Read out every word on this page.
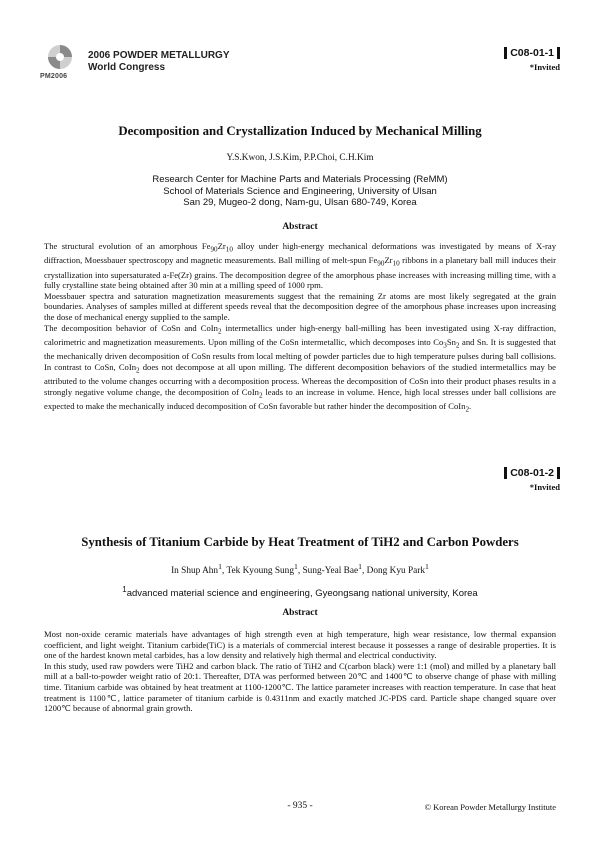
PM2006
2006 POWDER METALLURGY
World Congress
C08-01-1
*Invited
Decomposition and Crystallization Induced by Mechanical Milling
Y.S.Kwon, J.S.Kim, P.P.Choi, C.H.Kim
Research Center for Machine Parts and Materials Processing (ReMM)
School of Materials Science and Engineering, University of Ulsan
San 29, Mugeo-2 dong, Nam-gu, Ulsan 680-749, Korea
Abstract

The structural evolution of an amorphous $Fe_{90}Zr_{10}$ alloy under high-energy mechanical deformations was investigated by means of X-ray diffraction, Moessbauer spectroscopy and magnetic measurements. Ball milling of melt-spun $Fe_{90}Zr_{10}$ ribbons in a planetary ball mill induces their crystallization into supersaturated a-Fe(Zr) grains. The decomposition degree of the amorphous phase increases with increasing milling time, with a fully crystalline state being obtained after 30 min at a milling speed of 1000 rpm.

Moessbauer spectra and saturation magnetization measurements suggest that the remaining Zr atoms are most likely segregated at the grain boundaries. Analyses of samples milled at different speeds reveal that the decomposition degree of the amorphous phase increases upon increasing the dose of mechanical energy supplied to the sample.

The decomposition behavior of CoSn and CoIn$_2$ intermetallics under high-energy ball-milling has been investigated using X-ray diffraction, calorimetric and magnetization measurements. Upon milling of the CoSn intermetallic, which decomposes into $Co_3Sn_2$ and Sn. It is suggested that the mechanically driven decomposition of CoSn results from local melting of powder particles due to high temperature pulses during ball collisions. In contrast to CoSn, CoIn$_2$ does not decompose at all upon milling. The different decomposition behaviors of the studied intermetallics may be attributed to the volume changes occurring with a decomposition process. Whereas the decomposition of CoSn into their product phases results in a strongly negative volume change, the decomposition of CoIn$_2$ leads to an increase in volume. Hence, high local stresses under ball collisions are expected to make the mechanically induced decomposition of CoSn favorable but rather hinder the decomposition of CoIn$_2$.

C08-01-2
*Invited
Synthesis of Titanium Carbide by Heat Treatment of TiH2 and Carbon Powders
In Shup Ahn$^1$, Tek Kyoung Sung$^1$, Sung-Yeal Bae$^1$, Dong Kyu Park$^1$
$^1$advanced material science and engineering, Gyeongsang national university, Korea
Abstract

Most non-oxide ceramic materials have advantages of high strength even at high temperature, high wear resistance, low thermal expansion coefficient, and light weight. Titanium carbide(TiC) is a materials of commercial interest because it possesses a range of desirable properties. It is one of the hardest known metal carbides, has a low density and relatively high thermal and electrical conductivity.

In this study, used raw powders were TiH2 and carbon black. The ratio of TiH2 and C(carbon black) were 1:1 (mol) and milled by a planetary ball mill at a ball-to-powder weight ratio of 20:1. Thereafter, DTA was performed between 20℃ and 1400℃ to observe change of phase with milling time. Titanium carbide was obtained by heat treatment at 1100-1200℃. The lattice parameter increases with reaction temperature. In case that heat treatment is 1100℃, lattice parameter of titanium carbide is 0.4311nm and exactly matched JC-PDS card. Particle shape changed square over 1200℃ because of abnormal grain growth.

- 935 -	© Korean Powder Metallurgy Institute
